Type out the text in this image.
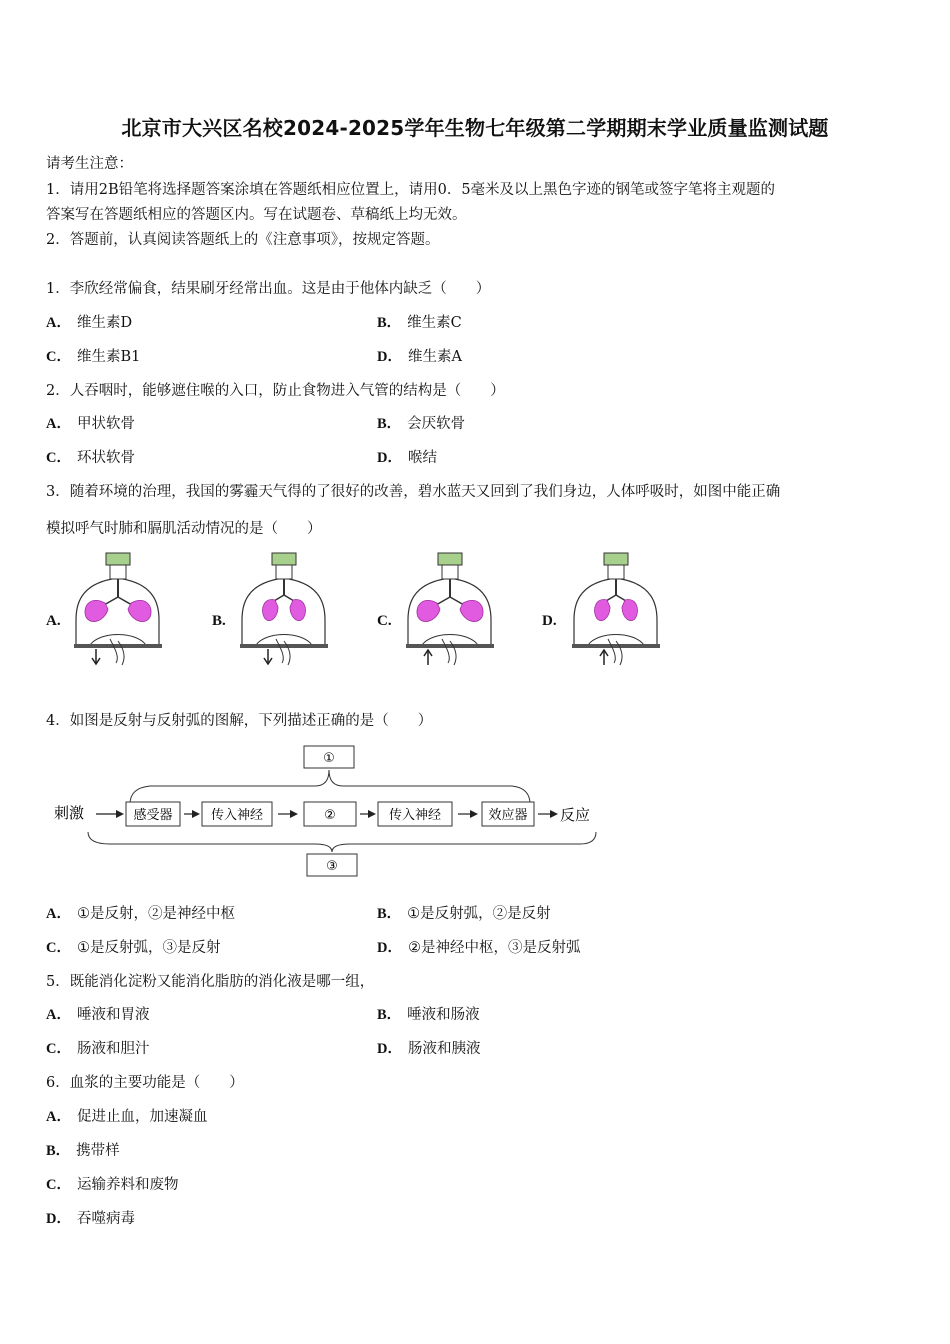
北京市大兴区名校2024-2025学年生物七年级第二学期期末学业质量监测试题
请考生注意：
1．请用2B铅笔将选择题答案涂填在答题纸相应位置上，请用0．5毫米及以上黑色字迹的钢笔或签字笔将主观题的
答案写在答题纸相应的答题区内。写在试题卷、草稿纸上均无效。
2．答题前，认真阅读答题纸上的《注意事项》，按规定答题。
1．李欣经常偏食，结果刷牙经常出血。这是由于他体内缺乏（　　）
A． 维生素D	B． 维生素C
C． 维生素B1	D． 维生素A
2．人吞咽时，能够遮住喉的入口，防止食物进入气管的结构是（　　）
A． 甲状软骨	B． 会厌软骨
C． 环状软骨	D． 喉结
3．随着环境的治理，我国的雾霾天气得的了很好的改善，碧水蓝天又回到了我们身边，人体呼吸时，如图中能正确
模拟呼气时肺和膈肌活动情况的是（　　）
A.	B.	C.	D.
4．如图是反射与反射弧的图解，下列描述正确的是（　　）
①
刺激	感受器	传入神经	②	传入神经	效应器 反应
③
A． ①是反射，②是神经中枢	B． ①是反射弧，②是反射
C． ①是反射弧，③是反射	D． ②是神经中枢，③是反射弧
5．既能消化淀粉又能消化脂肪的消化液是哪一组，
A． 唾液和胃液	B． 唾液和肠液
C． 肠液和胆汁	D． 肠液和胰液
6．血浆的主要功能是（　　）
A． 促进止血，加速凝血
B． 携带样
C． 运输养料和废物
D． 吞噬病毒
